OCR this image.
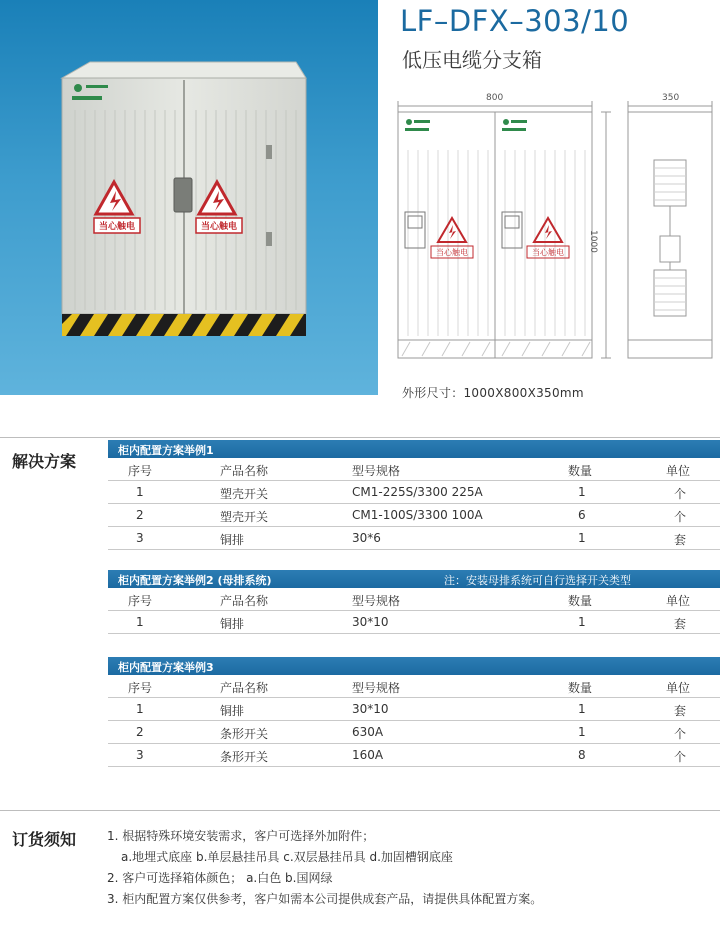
当心触电	当心触电
LF–DFX–303/10
低压电缆分支箱
800	350
1000
当心触电	当心触电
外形尺寸：1000X800X350mm
解决方案
柜内配置方案举例1
序号	产品名称	型号规格	数量	单位
1	塑壳开关	CM1-225S/3300 225A	1	个
2	塑壳开关	CM1-100S/3300 100A	6	个
3	铜排	30*6	1	套
柜内配置方案举例2 (母排系统)	注：安装母排系统可自行选择开关类型
序号	产品名称	型号规格	数量	单位
1	铜排	30*10	1	套
柜内配置方案举例3
序号	产品名称	型号规格	数量	单位
1	铜排	30*10	1	套
2	条形开关	630A	1	个
3	条形开关	160A	8	个
订货须知	1. 根据特殊环境安装需求，客户可选择外加附件；
a.地埋式底座 b.单层悬挂吊具 c.双层悬挂吊具 d.加固槽钢底座
2. 客户可选择箱体颜色； a.白色 b.国网绿
3. 柜内配置方案仅供参考，客户如需本公司提供成套产品，请提供具体配置方案。
